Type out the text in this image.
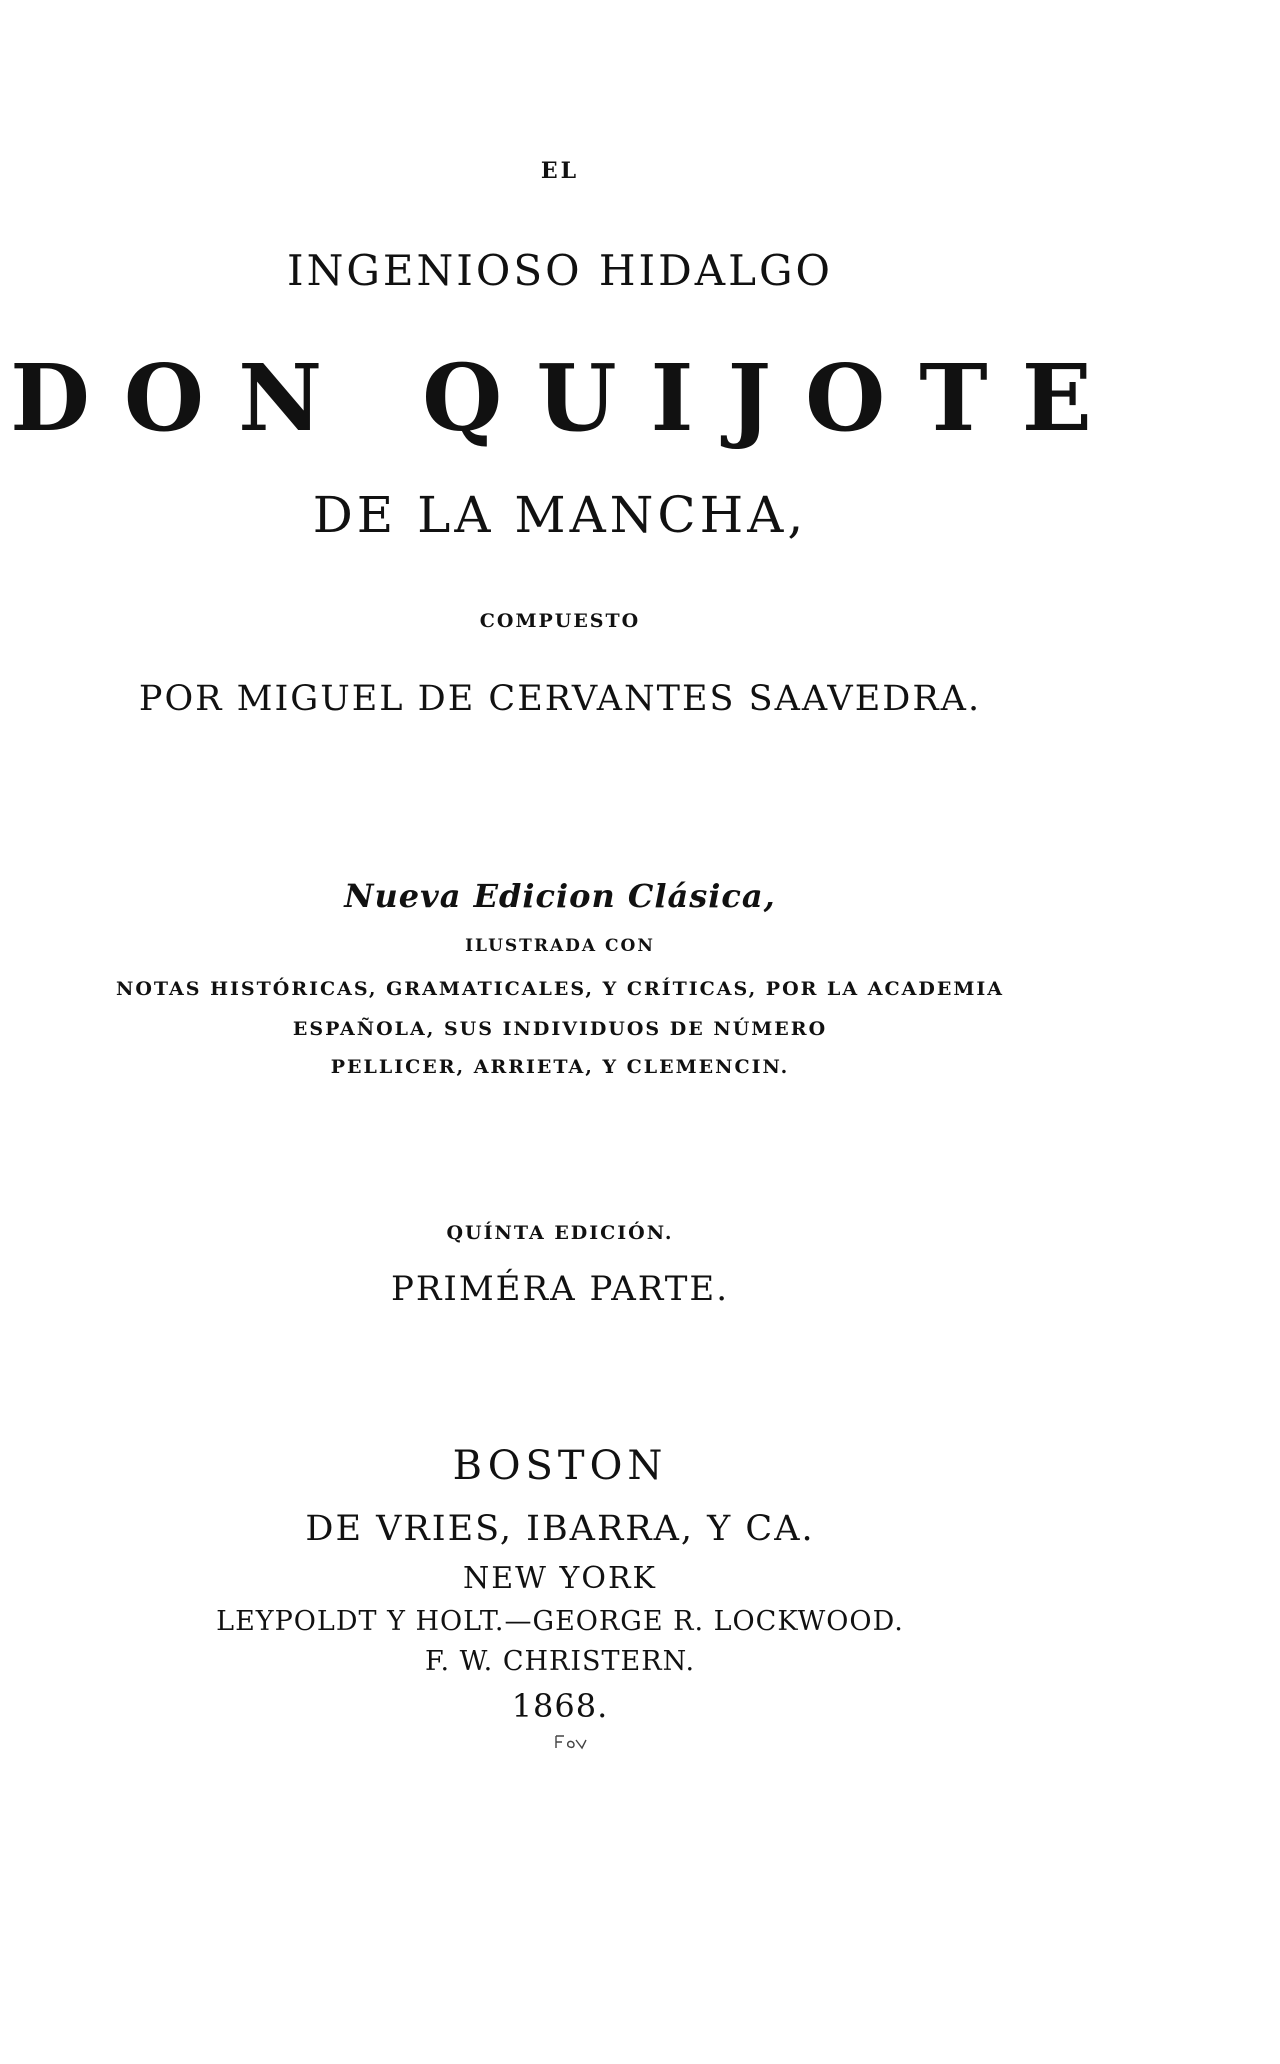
EL
INGENIOSO HIDALGO
DON QUIJOTE
DE LA MANCHA,
COMPUESTO
POR MIGUEL DE CERVANTES SAAVEDRA.
Nueva Edicion Clásica,
ILUSTRADA CON
NOTAS HISTÓRICAS, GRAMATICALES, Y CRÍTICAS, POR LA ACADEMIA
ESPAÑOLA, SUS INDIVIDUOS DE NÚMERO
PELLICER, ARRIETA, Y CLEMENCIN.
QUÍNTA EDICIÓN.
PRIMÉRA PARTE.
BOSTON
DE VRIES, IBARRA, Y CA.
NEW YORK
LEYPOLDT Y HOLT.—GEORGE R. LOCKWOOD.
F. W. CHRISTERN.
1868.
